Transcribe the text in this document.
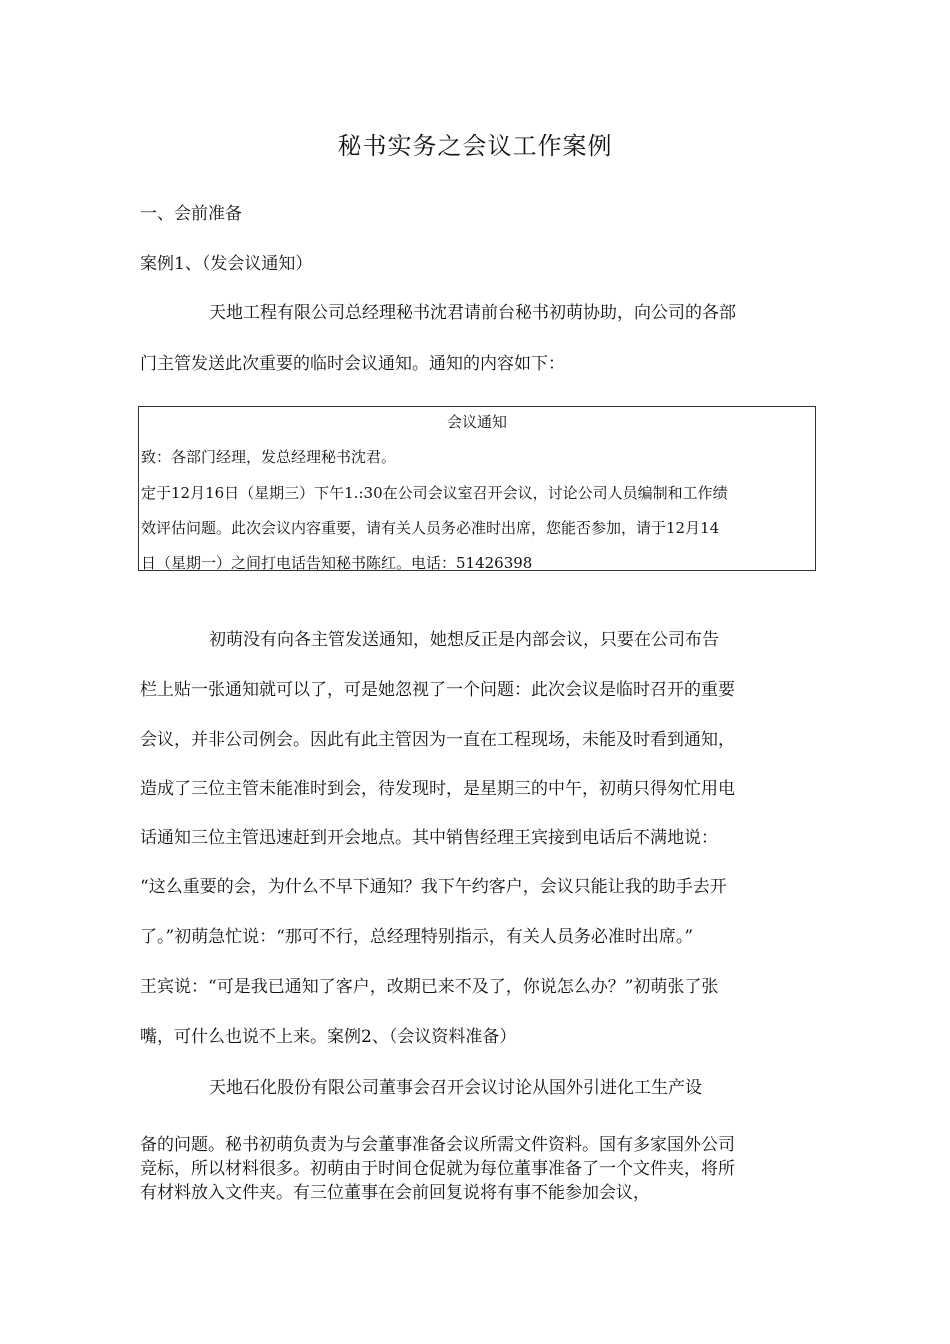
秘书实务之会议工作案例
一、会前准备
案例1、（发会议通知）
天地工程有限公司总经理秘书沈君请前台秘书初萌协助，向公司的各部
门主管发送此次重要的临时会议通知。通知的内容如下：
会议通知
致：各部门经理，发总经理秘书沈君。
定于12月16日（星期三）下午1.:30在公司会议室召开会议，讨论公司人员编制和工作绩
效评估问题。此次会议内容重要，请有关人员务必准时出席，您能否参加，请于12月14
日（星期一）之间打电话告知秘书陈红。电话：51426398
初萌没有向各主管发送通知，她想反正是内部会议，只要在公司布告
栏上贴一张通知就可以了，可是她忽视了一个问题：此次会议是临时召开的重要
会议，并非公司例会。因此有此主管因为一直在工程现场，未能及时看到通知，
造成了三位主管未能准时到会，待发现时，是星期三的中午，初萌只得匆忙用电
话通知三位主管迅速赶到开会地点。其中销售经理王宾接到电话后不满地说：
“这么重要的会，为什么不早下通知？我下午约客户，会议只能让我的助手去开
了。”初萌急忙说：“那可不行，总经理特别指示，有关人员务必准时出席。”
王宾说：“可是我已通知了客户，改期已来不及了，你说怎么办？”初萌张了张
嘴，可什么也说不上来。案例2、（会议资料准备）
天地石化股份有限公司董事会召开会议讨论从国外引进化工生产设
备的问题。秘书初萌负责为与会董事准备会议所需文件资料。国有多家国外公司
竞标，所以材料很多。初萌由于时间仓促就为每位董事准备了一个文件夹，将所
有材料放入文件夹。有三位董事在会前回复说将有事不能参加会议，
